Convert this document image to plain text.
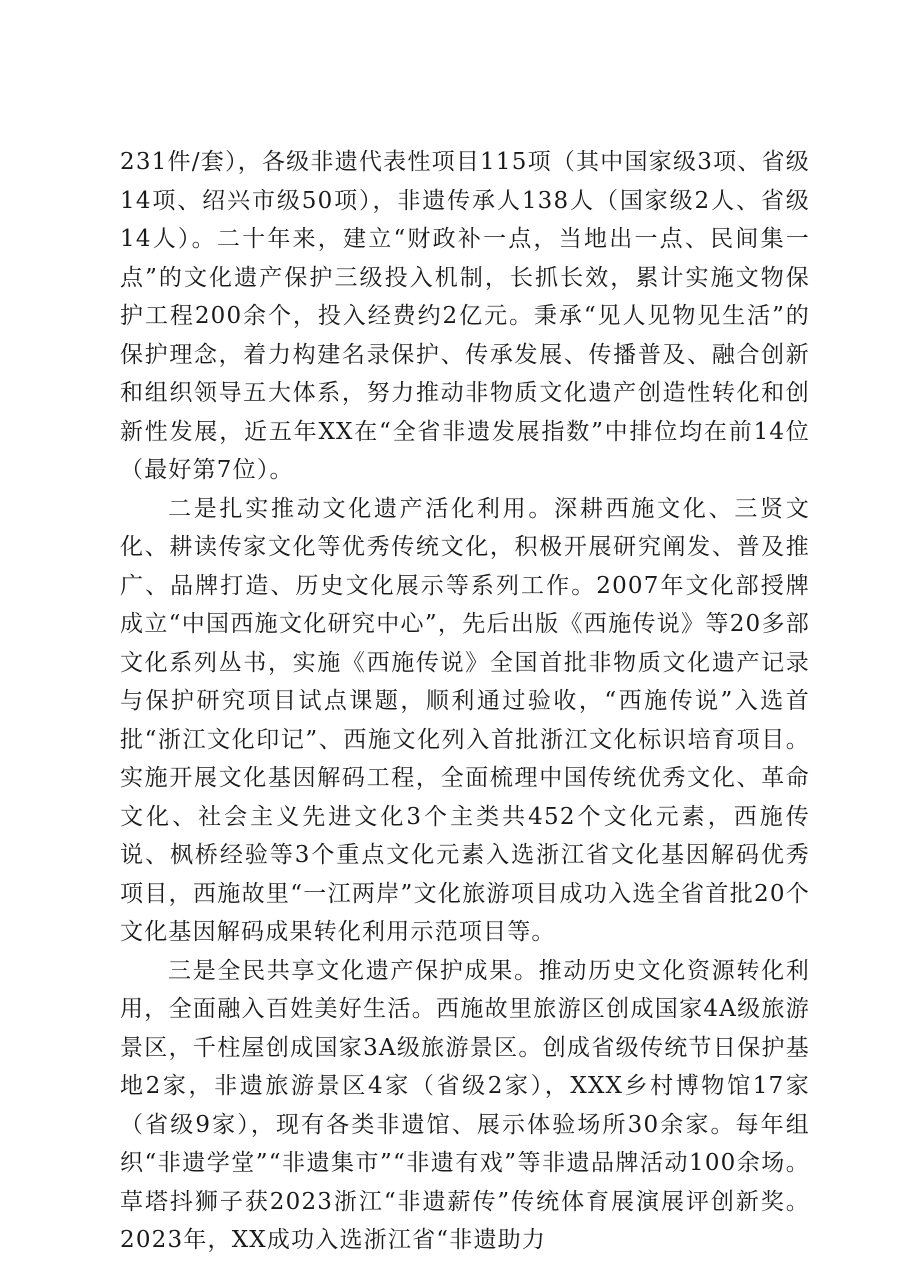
231件/套），各级非遗代表性项目115项（其中国家级3项、省级14项、绍兴市级50项），非遗传承人138人（国家级2人、省级14人）。二十年来，建立“财政补一点，当地出一点、民间集一点”的文化遗产保护三级投入机制，长抓长效，累计实施文物保护工程200余个，投入经费约2亿元。秉承“见人见物见生活”的保护理念，着力构建名录保护、传承发展、传播普及、融合创新和组织领导五大体系，努力推动非物质文化遗产创造性转化和创新性发展，近五年XX在“全省非遗发展指数”中排位均在前14位（最好第7位）。

二是扎实推动文化遗产活化利用。深耕西施文化、三贤文化、耕读传家文化等优秀传统文化，积极开展研究阐发、普及推广、品牌打造、历史文化展示等系列工作。2007年文化部授牌成立“中国西施文化研究中心”，先后出版《西施传说》等20多部文化系列丛书，实施《西施传说》全国首批非物质文化遗产记录与保护研究项目试点课题，顺利通过验收，“西施传说”入选首批“浙江文化印记”、西施文化列入首批浙江文化标识培育项目。实施开展文化基因解码工程，全面梳理中国传统优秀文化、革命文化、社会主义先进文化3个主类共452个文化元素，西施传说、枫桥经验等3个重点文化元素入选浙江省文化基因解码优秀项目，西施故里“一江两岸”文化旅游项目成功入选全省首批20个文化基因解码成果转化利用示范项目等。

三是全民共享文化遗产保护成果。推动历史文化资源转化利用，全面融入百姓美好生活。西施故里旅游区创成国家4A级旅游景区，千柱屋创成国家3A级旅游景区。创成省级传统节日保护基地2家，非遗旅游景区4家（省级2家），XXX乡村博物馆17家（省级9家），现有各类非遗馆、展示体验场所30余家。每年组织“非遗学堂”“非遗集市”“非遗有戏”等非遗品牌活动100余场。草塔抖狮子获2023浙江“非遗薪传”传统体育展演展评创新奖。2023年，XX成功入选浙江省“非遗助力
